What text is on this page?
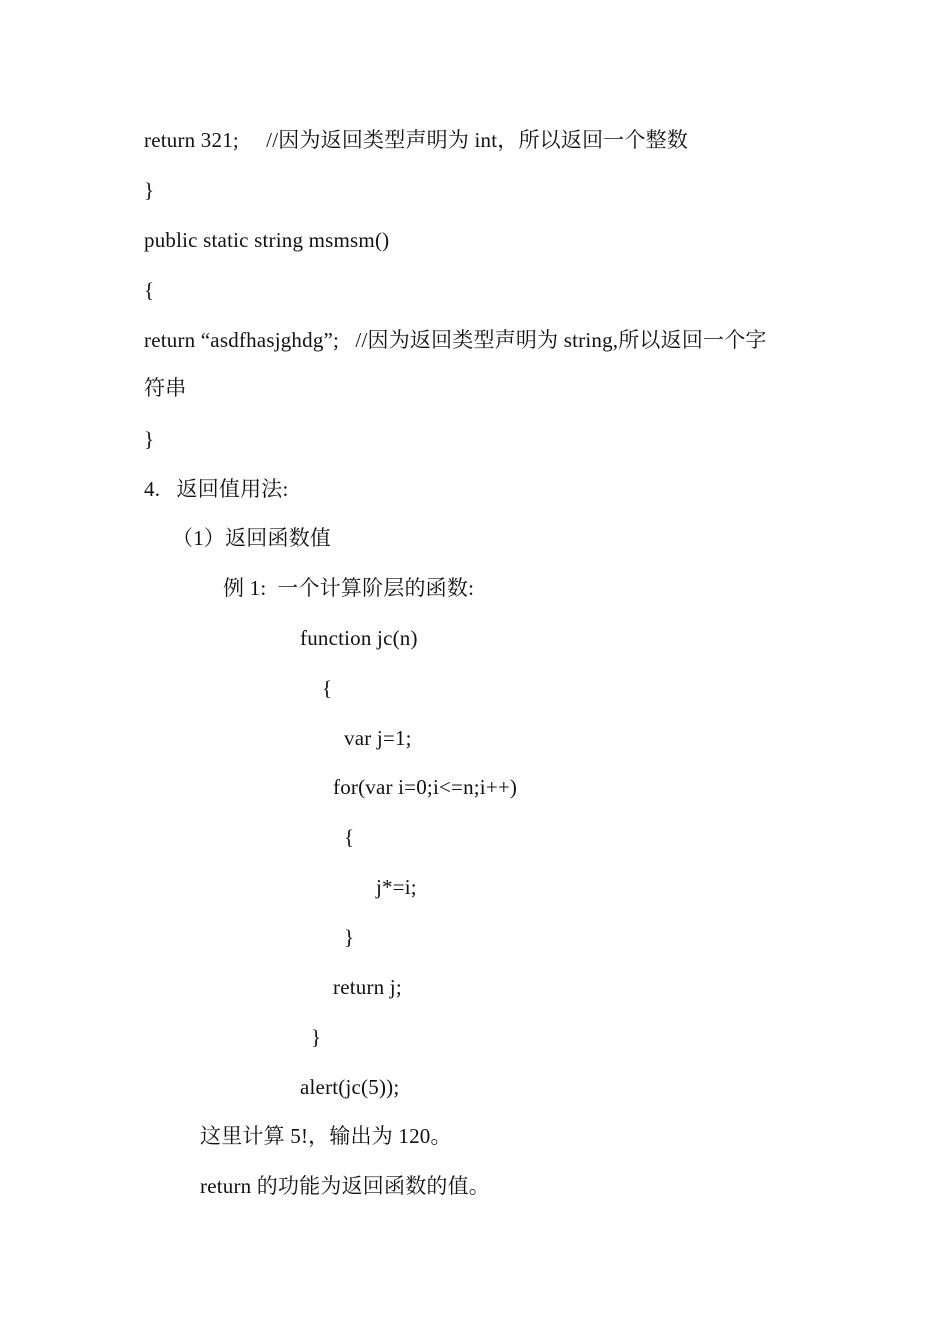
return 321;     //因为返回类型声明为 int，所以返回一个整数
}
public static string msmsm()
{
return “asdfhasjghdg”;   //因为返回类型声明为 string,所以返回一个字
符串
}
4.   返回值用法:
（1）返回函数值
例 1:  一个计算阶层的函数:
function jc(n)
{
var j=1;
for(var i=0;i<=n;i++)
{
j*=i;
}
return j;
}
alert(jc(5));
这里计算 5!，输出为 120。
return 的功能为返回函数的值。
